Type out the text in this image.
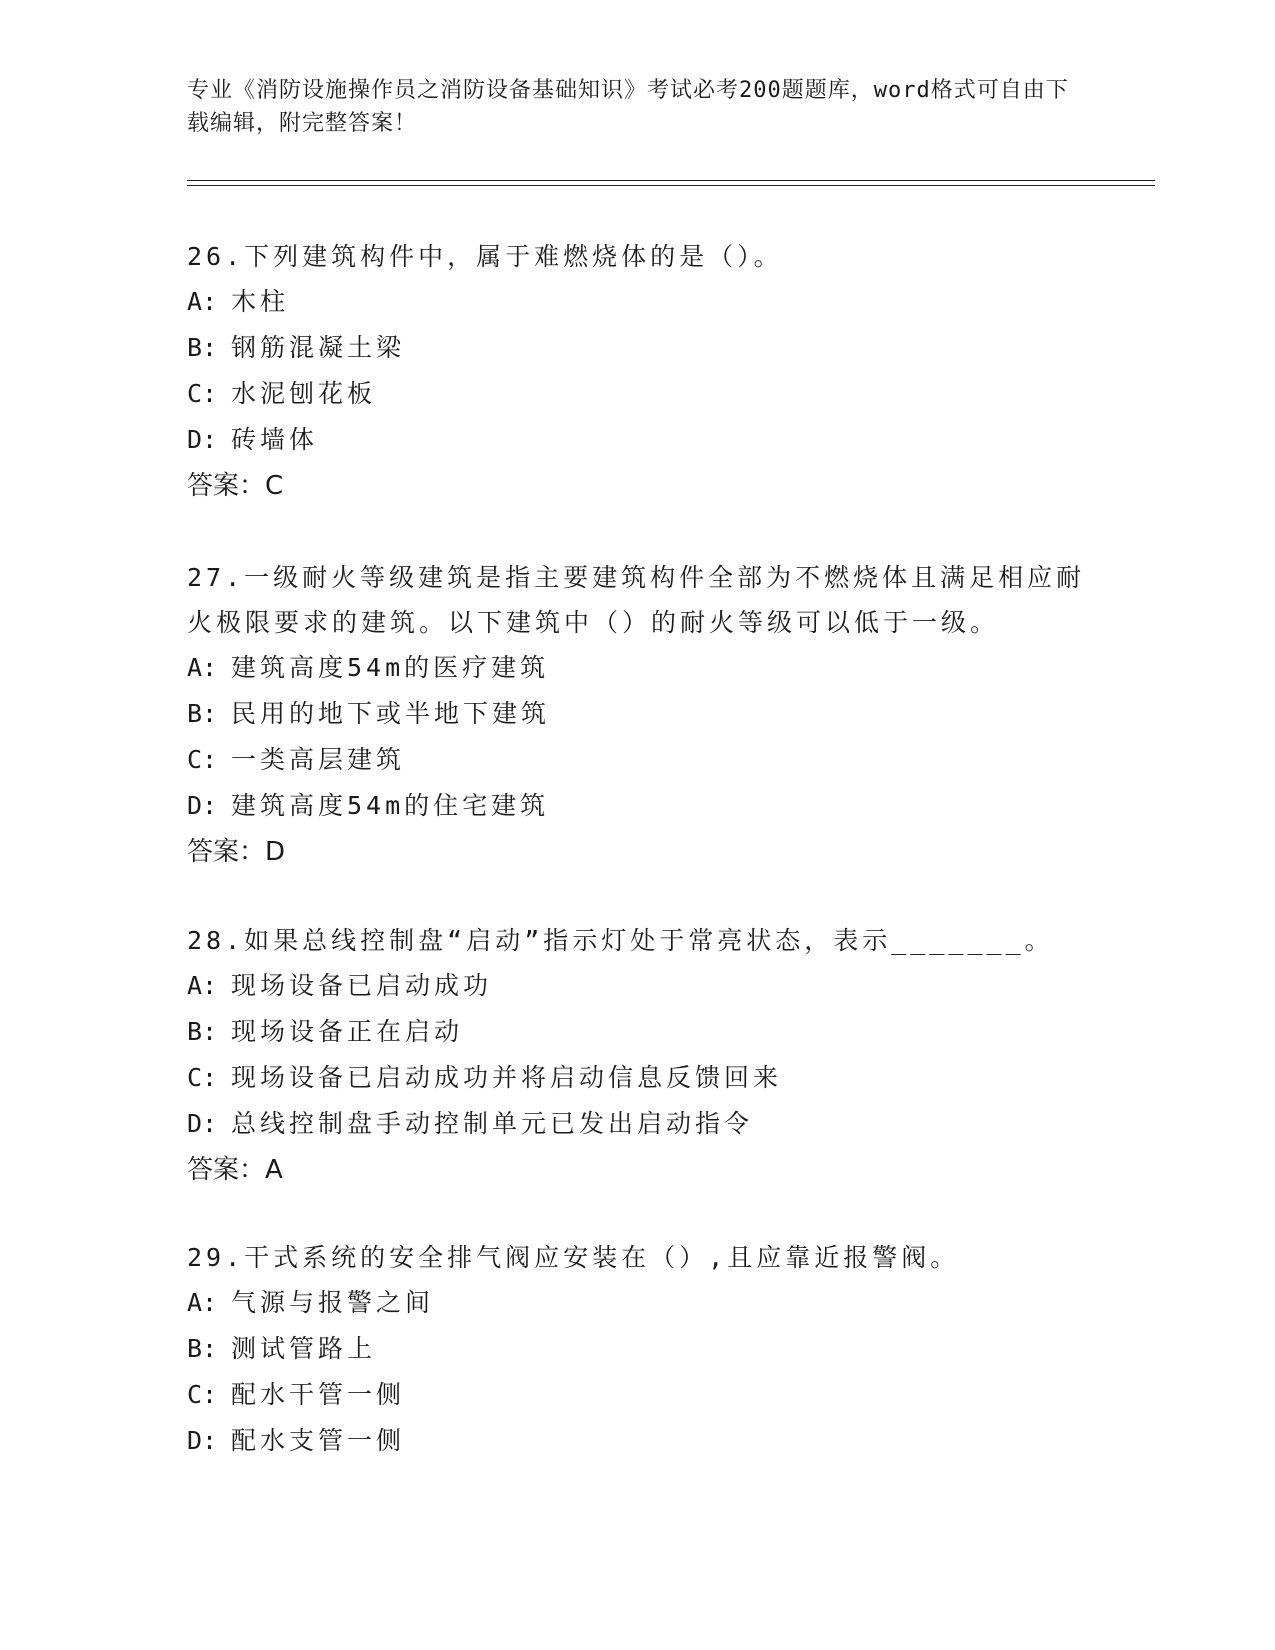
专业《消防设施操作员之消防设备基础知识》考试必考200题题库，word格式可自由下载编辑，附完整答案！

26.下列建筑构件中，属于难燃烧体的是（）。

A: 木柱

B: 钢筋混凝土梁

C: 水泥刨花板

D: 砖墙体

答案：C

27.一级耐火等级建筑是指主要建筑构件全部为不燃烧体且满足相应耐火极限要求的建筑。以下建筑中（）的耐火等级可以低于一级。

A: 建筑高度54m的医疗建筑

B: 民用的地下或半地下建筑

C: 一类高层建筑

D: 建筑高度54m的住宅建筑

答案：D

28.如果总线控制盘“启动”指示灯处于常亮状态，表示_______。

A: 现场设备已启动成功

B: 现场设备正在启动

C: 现场设备已启动成功并将启动信息反馈回来

D: 总线控制盘手动控制单元已发出启动指令

答案：A

29.干式系统的安全排气阀应安装在（）,且应靠近报警阀。

A: 气源与报警之间

B: 测试管路上

C: 配水干管一侧

D: 配水支管一侧
